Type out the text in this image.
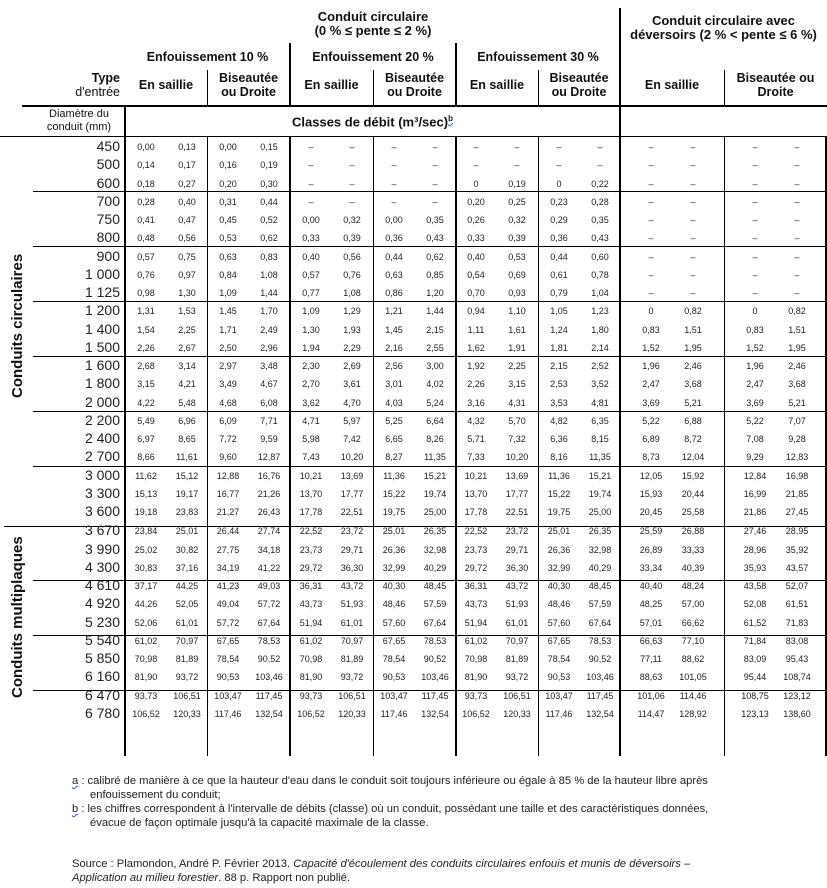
Conduit circulaire
(0 % ≤ pente ≤ 2 %)
Conduit circulaire avec
déversoirs (2 % < pente ≤ 6 %)
Enfouissement 10 %	Enfouissement 20 %	Enfouissement 30 %
Type
d'entrée	En saillie	Biseautée
ou Droite	En saillie	Biseautée
ou Droite	En saillie	Biseautée
ou Droite	En saillie	Biseautée ou
Droite
Diamètre du
conduit (mm)	Classes de débit $(m^3/\sec)^b$
Conduits circulaires
Conduits multiplaques
450	0,00	0,13	0,00	0,15	–	–	–	–	–	–	–	–	–	–	–	–
500	0,14	0,17	0,16	0,19	–	–	–	–	–	–	–	–	–	–	–	–
600	0,18	0,27	0,20	0,30	–	–	–	–	0	0,19	0	0,22	–	–	–	–
700	0,28	0,40	0,31	0,44	–	–	–	–	0,20	0,25	0,23	0,28	–	–	–	–
750	0,41	0,47	0,45	0,52	0,00	0,32	0,00	0,35	0,26	0,32	0,29	0,35	–	–	–	–
800	0,48	0,56	0,53	0,62	0,33	0,39	0,36	0,43	0,33	0,39	0,36	0,43	–	–	–	–
900	0,57	0,75	0,63	0,83	0,40	0,56	0,44	0,62	0,40	0,53	0,44	0,60	–	–	–	–
1 000	0,76	0,97	0,84	1,08	0,57	0,76	0,63	0,85	0,54	0,69	0,61	0,78	–	–	–	–
1 125	0,98	1,30	1,09	1,44	0,77	1,08	0,86	1,20	0,70	0,93	0,79	1,04	–	–	–	–
1 200	1,31	1,53	1,45	1,70	1,09	1,29	1,21	1,44	0,94	1,10	1,05	1,23	0	0,82	0	0,82
1 400	1,54	2,25	1,71	2,49	1,30	1,93	1,45	2,15	1,11	1,61	1,24	1,80	0,83	1,51	0,83	1,51
1 500	2,26	2,67	2,50	2,96	1,94	2,29	2,16	2,55	1,62	1,91	1,81	2,14	1,52	1,95	1,52	1,95
1 600	2,68	3,14	2,97	3,48	2,30	2,69	2,56	3,00	1,92	2,25	2,15	2,52	1,96	2,46	1,96	2,46
1 800	3,15	4,21	3,49	4,67	2,70	3,61	3,01	4,02	2,26	3,15	2,53	3,52	2,47	3,68	2,47	3,68
2 000	4,22	5,48	4,68	6,08	3,62	4,70	4,03	5,24	3,16	4,31	3,53	4,81	3,69	5,21	3,69	5,21
2 200	5,49	6,96	6,09	7,71	4,71	5,97	5,25	6,64	4,32	5,70	4,82	6,35	5,22	6,88	5,22	7,07
2 400	6,97	8,65	7,72	9,59	5,98	7,42	6,65	8,26	5,71	7,32	6,36	8,15	6,89	8,72	7,08	9,28
2 700	8,66	11,61	9,60	12,87	7,43	10,20	8,27	11,35	7,33	10,20	8,16	11,35	8,73	12,04	9,29	12,83
3 000	11,62	15,12	12,88	16,76	10,21	13,69	11,36	15,21	10,21	13,69	11,36	15,21	12,05	15,92	12,84	16,98
3 300	15,13	19,17	16,77	21,26	13,70	17,77	15,22	19,74	13,70	17,77	15,22	19,74	15,93	20,44	16,99	21,85
3 600	19,18	23,83	21,27	26,43	17,78	22,51	19,75	25,00	17,78	22,51	19,75	25,00	20,45	25,58	21,86	27,45
3 670	23,84	25,01	26,44	27,74	22,52	23,72	25,01	26,35	22,52	23,72	25,01	26,35	25,59	26,88	27,46	28,95
3 990	25,02	30,82	27,75	34,18	23,73	29,71	26,36	32,98	23,73	29,71	26,36	32,98	26,89	33,33	28,96	35,92
4 300	30,83	37,16	34,19	41,22	29,72	36,30	32,99	40,29	29,72	36,30	32,99	40,29	33,34	40,39	35,93	43,57
4 610	37,17	44,25	41,23	49,03	36,31	43,72	40,30	48,45	36,31	43,72	40,30	48,45	40,40	48,24	43,58	52,07
4 920	44,26	52,05	49,04	57,72	43,73	51,93	48,46	57,59	43,73	51,93	48,46	57,59	48,25	57,00	52,08	61,51
5 230	52,06	61,01	57,72	67,64	51,94	61,01	57,60	67,64	51,94	61,01	57,60	67,64	57,01	66,62	61,52	71,83
5 540	61,02	70,97	67,65	78,53	61,02	70,97	67,65	78,53	61,02	70,97	67,65	78,53	66,63	77,10	71,84	83,08
5 850	70,98	81,89	78,54	90,52	70,98	81,89	78,54	90,52	70,98	81,89	78,54	90,52	77,11	88,62	83,09	95,43
6 160	81,90	93,72	90,53	103,46	81,90	93,72	90,53	103,46	81,90	93,72	90,53	103,46	88,63	101,05	95,44	108,74
6 470	93,73	106,51	103,47	117,45	93,73	106,51	103,47	117,45	93,73	106,51	103,47	117,45	101,06	114,46	108,75	123,12
6 780	106,52	120,33	117,46	132,54	106,52	120,33	117,46	132,54	106,52	120,33	117,46	132,54	114,47	128,92	123,13	138,60
a : calibré de manière à ce que la hauteur d'eau dans le conduit soit toujours inférieure ou égale à 85 % de la hauteur libre après
enfouissement du conduit;
b : les chiffres correspondent à l'intervalle de débits (classe) où un conduit, possédant une taille et des caractéristiques données,
évacue de façon optimale jusqu'à la capacité maximale de la classe.
Source : Plamondon, André P. Février 2013. Capacité d'écoulement des conduits circulaires enfouis et munis de déversoirs –
Application au milieu forestier. 88 p. Rapport non publié.
